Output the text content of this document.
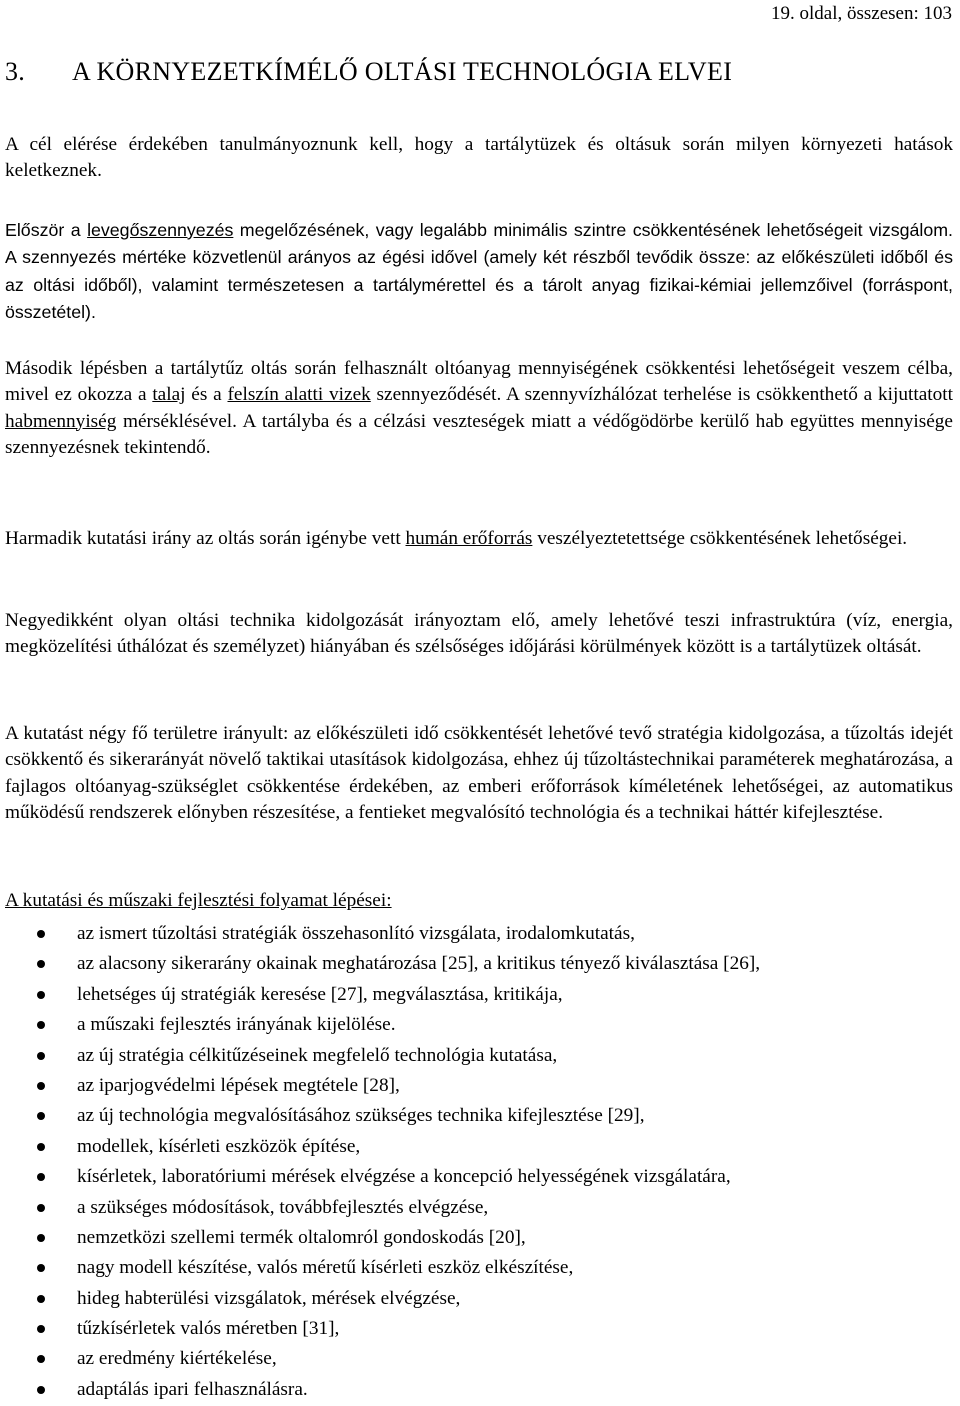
19. oldal, összesen: 103
3. A KÖRNYEZETKÍMÉLŐ OLTÁSI TECHNOLÓGIA ELVEI

A cél elérése érdekében tanulmányoznunk kell, hogy a tartálytüzek és oltásuk során milyen környezeti hatások keletkeznek.

Először a levegőszennyezés megelőzésének, vagy legalább minimális szintre csökkentésének lehetőségeit vizsgálom. A szennyezés mértéke közvetlenül arányos az égési idővel (amely két részből tevődik össze: az előkészületi időből és az oltási időből), valamint természetesen a tartálymérettel és a tárolt anyag fizikai-kémiai jellemzőivel (forráspont, összetétel).

Második lépésben a tartálytűz oltás során felhasznált oltóanyag mennyiségének csökkentési lehetőségeit veszem célba, mivel ez okozza a talaj és a felszín alatti vizek szennyeződését. A szennyvízhálózat terhelése is csökkenthető a kijuttatott habmennyiség mérséklésével. A tartályba és a célzási veszteségek miatt a védőgödörbe kerülő hab együttes mennyisége szennyezésnek tekintendő.

Harmadik kutatási irány az oltás során igénybe vett humán erőforrás veszélyeztetettsége csökkentésének lehetőségei.

Negyedikként olyan oltási technika kidolgozását irányoztam elő, amely lehetővé teszi infrastruktúra (víz, energia, megközelítési úthálózat és személyzet) hiányában és szélsőséges időjárási körülmények között is a tartálytüzek oltását.

A kutatást négy fő területre irányult: az előkészületi idő csökkentését lehetővé tevő stratégia kidolgozása, a tűzoltás idejét csökkentő és sikerarányát növelő taktikai utasítások kidolgozása, ehhez új tűzoltástechnikai paraméterek meghatározása, a fajlagos oltóanyag-szükséglet csökkentése érdekében, az emberi erőforrások kíméletének lehetőségei, az automatikus működésű rendszerek előnyben részesítése, a fentieket megvalósító technológia és a technikai háttér kifejlesztése.

A kutatási és műszaki fejlesztési folyamat lépései:
az ismert tűzoltási stratégiák összehasonlító vizsgálata, irodalomkutatás,
az alacsony sikerarány okainak meghatározása [25], a kritikus tényező kiválasztása [26],
lehetséges új stratégiák keresése [27], megválasztása, kritikája,
a műszaki fejlesztés irányának kijelölése.
az új stratégia célkitűzéseinek megfelelő technológia kutatása,
az iparjogvédelmi lépések megtétele [28],
az új technológia megvalósításához szükséges technika kifejlesztése [29],
modellek, kísérleti eszközök építése,
kísérletek, laboratóriumi mérések elvégzése a koncepció helyességének vizsgálatára,
a szükséges módosítások, továbbfejlesztés elvégzése,
nemzetközi szellemi termék oltalomról gondoskodás [20],
nagy modell készítése, valós méretű kísérleti eszköz elkészítése,
hideg habterülési vizsgálatok, mérések elvégzése,
tűzkísérletek valós méretben [31],
az eredmény kiértékelése,
adaptálás ipari felhasználásra.
